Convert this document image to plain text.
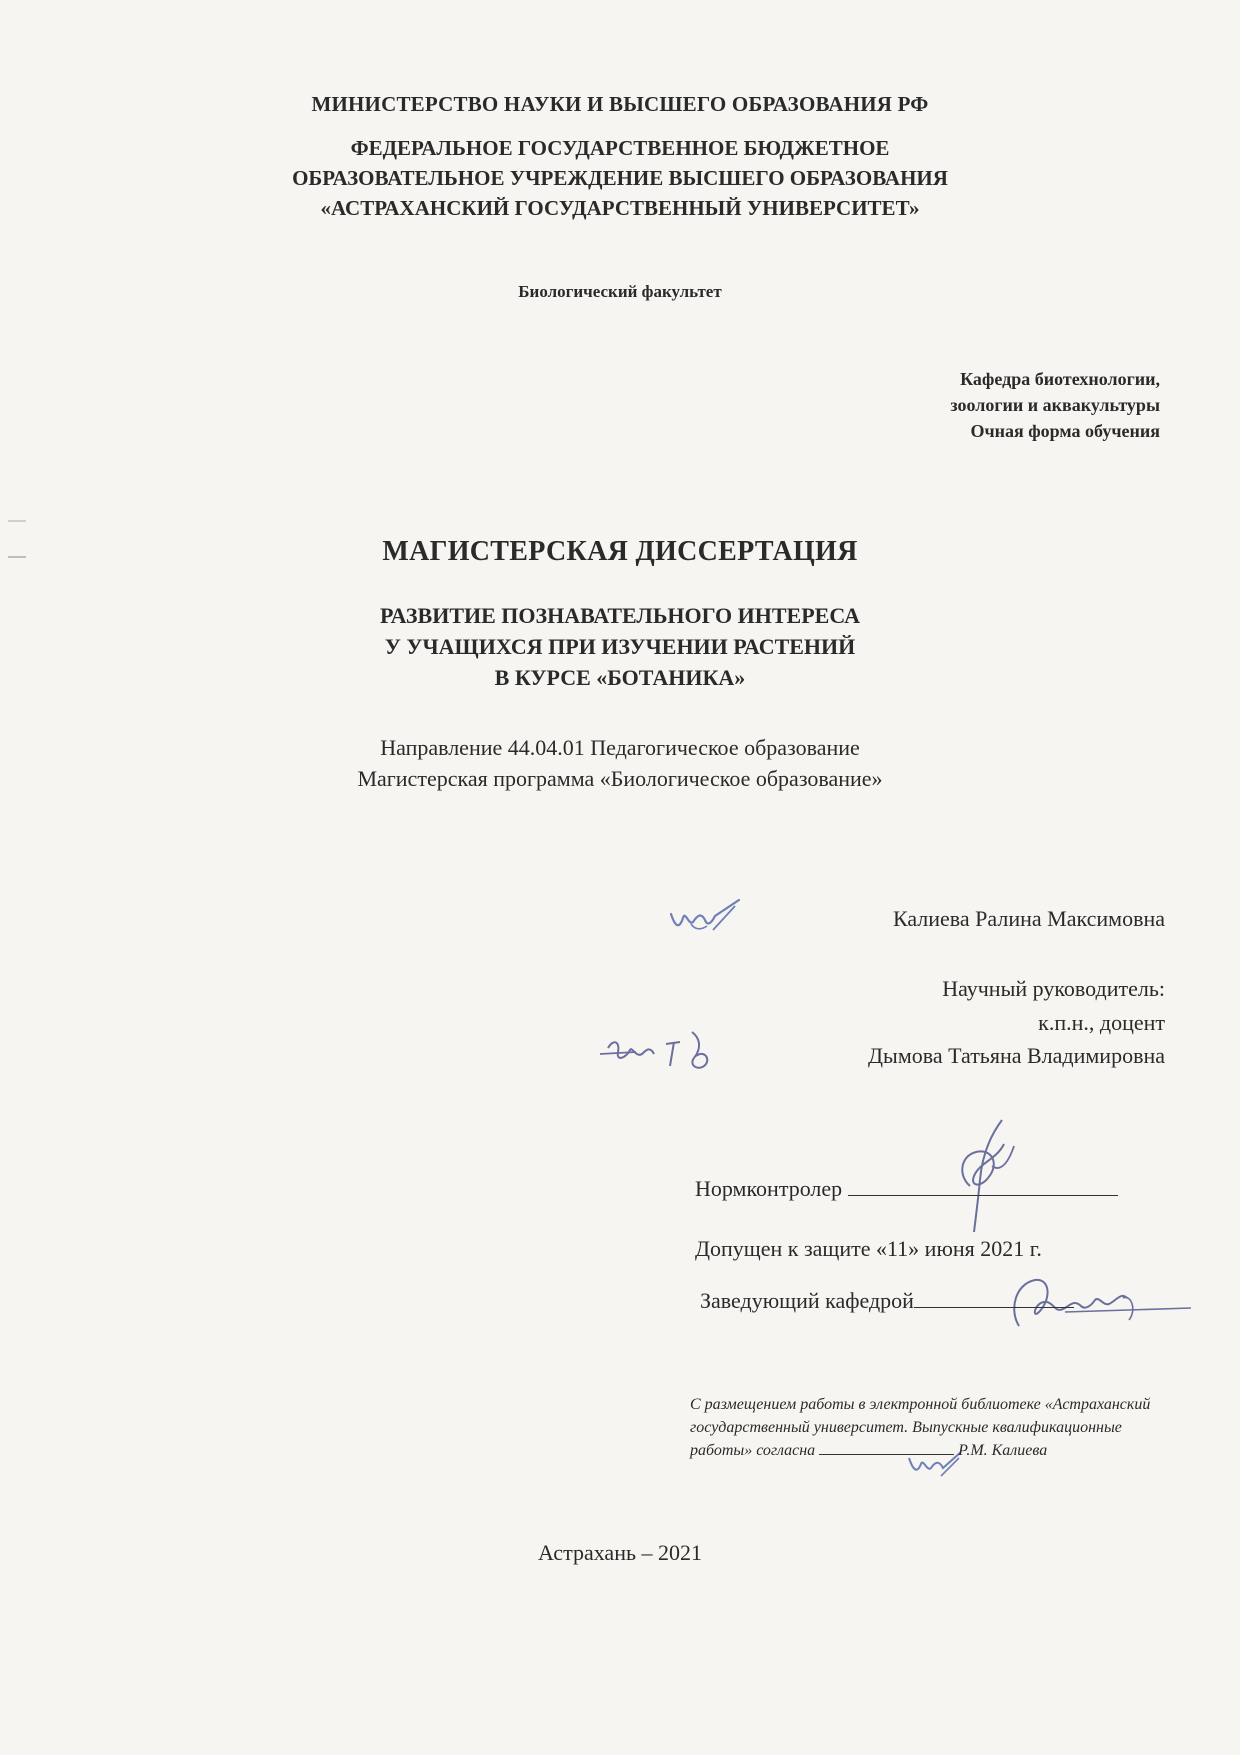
МИНИСТЕРСТВО НАУКИ И ВЫСШЕГО ОБРАЗОВАНИЯ РФ
ФЕДЕРАЛЬНОЕ ГОСУДАРСТВЕННОЕ БЮДЖЕТНОЕ
ОБРАЗОВАТЕЛЬНОЕ УЧРЕЖДЕНИЕ ВЫСШЕГО ОБРАЗОВАНИЯ
«АСТРАХАНСКИЙ ГОСУДАРСТВЕННЫЙ УНИВЕРСИТЕТ»
Биологический факультет
Кафедра биотехнологии,
зоологии и аквакультуры
Очная форма обучения
МАГИСТЕРСКАЯ ДИССЕРТАЦИЯ
РАЗВИТИЕ ПОЗНАВАТЕЛЬНОГО ИНТЕРЕСА
У УЧАЩИХСЯ ПРИ ИЗУЧЕНИИ РАСТЕНИЙ
В КУРСЕ «БОТАНИКА»
Направление 44.04.01 Педагогическое образование
Магистерская программа «Биологическое образование»
Калиева Ралина Максимовна
Научный руководитель:
к.п.н., доцент
Дымова Татьяна Владимировна
Нормконтролер
Допущен к защите «11» июня 2021 г.
Заведующий кафедрой
С размещением работы в электронной библиотеке «Астраханский государственный университет. Выпускные квалификационные работы» согласна	Р.М. Калиева
Астрахань – 2021
